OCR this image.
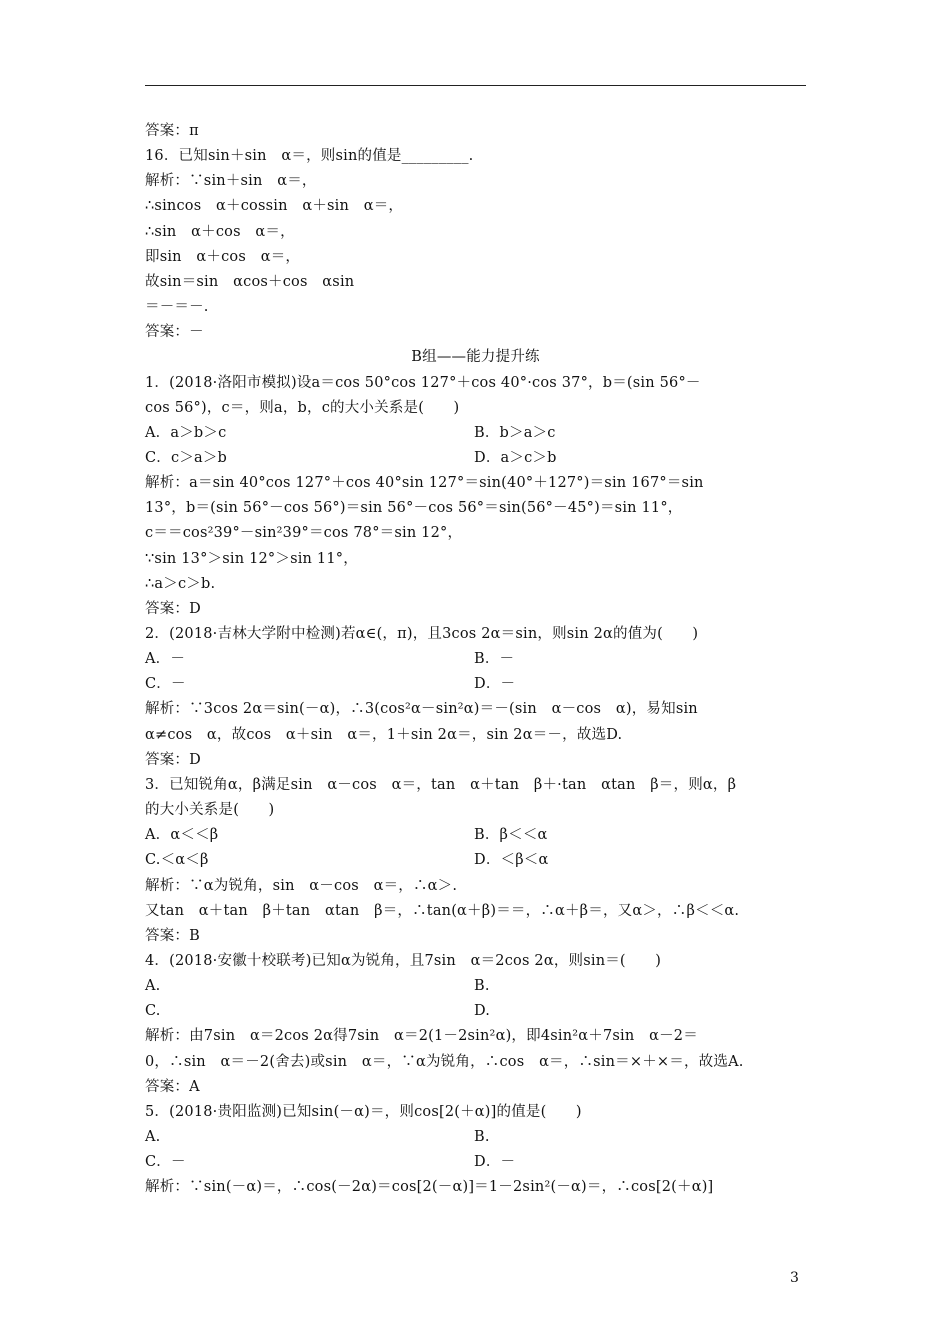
答案：π
16．已知sin＋sin　α＝，则sin的值是_________.
解析：∵sin＋sin　α＝，
∴sincos　α＋cossin　α＋sin　α＝，
∴sin　α＋cos　α＝，
即sin　α＋cos　α＝，
故sin＝sin　αcos＋cos　αsin
＝－＝－.
答案：－
B组——能力提升练
1．(2018·洛阳市模拟)设a＝cos 50°cos 127°＋cos 40°·cos 37°，b＝(sin 56°－
cos 56°)，c＝，则a，b，c的大小关系是(　　)
A．a＞b＞c	B．b＞a＞c
C．c＞a＞b	D．a＞c＞b
解析：a＝sin 40°cos 127°＋cos 40°sin 127°＝sin(40°＋127°)＝sin 167°＝sin
13°，b＝(sin 56°－cos 56°)＝sin 56°－cos 56°＝sin(56°－45°)＝sin 11°，
c＝＝cos²39°－sin²39°＝cos 78°＝sin 12°，
∵sin 13°＞sin 12°＞sin 11°，
∴a＞c＞b.
答案：D
2．(2018·吉林大学附中检测)若α∈(，π)，且3cos 2α＝sin，则sin 2α的值为(　　)
A．－	B．－
C．－	D．－
解析：∵3cos 2α＝sin(－α)，∴3(cos²α－sin²α)＝－(sin　α－cos　α)，易知sin
α≠cos　α，故cos　α＋sin　α＝，1＋sin 2α＝，sin 2α＝－，故选D.
答案：D
3．已知锐角α，β满足sin　α－cos　α＝，tan　α＋tan　β＋·tan　αtan　β＝，则α，β
的大小关系是(　　)
A．α＜＜β	B．β＜＜α
C.＜α＜β	D．＜β＜α
解析：∵α为锐角，sin　α－cos　α＝，∴α＞.
又tan　α＋tan　β＋tan　αtan　β＝，∴tan(α＋β)＝＝，∴α＋β＝，又α＞，∴β＜＜α.
答案：B
4．(2018·安徽十校联考)已知α为锐角，且7sin　α＝2cos 2α，则sin＝(　　)
A.	B.
C.	D.
解析：由7sin　α＝2cos 2α得7sin　α＝2(1－2sin²α)，即4sin²α＋7sin　α－2＝
0，∴sin　α＝－2(舍去)或sin　α＝，∵α为锐角，∴cos　α＝，∴sin＝×＋×＝，故选A.
答案：A
5．(2018·贵阳监测)已知sin(－α)＝，则cos[2(＋α)]的值是(　　)
A.	B.
C．－	D．－
解析：∵sin(－α)＝，∴cos(－2α)＝cos[2(－α)]＝1－2sin²(－α)＝，∴cos[2(＋α)]
3
